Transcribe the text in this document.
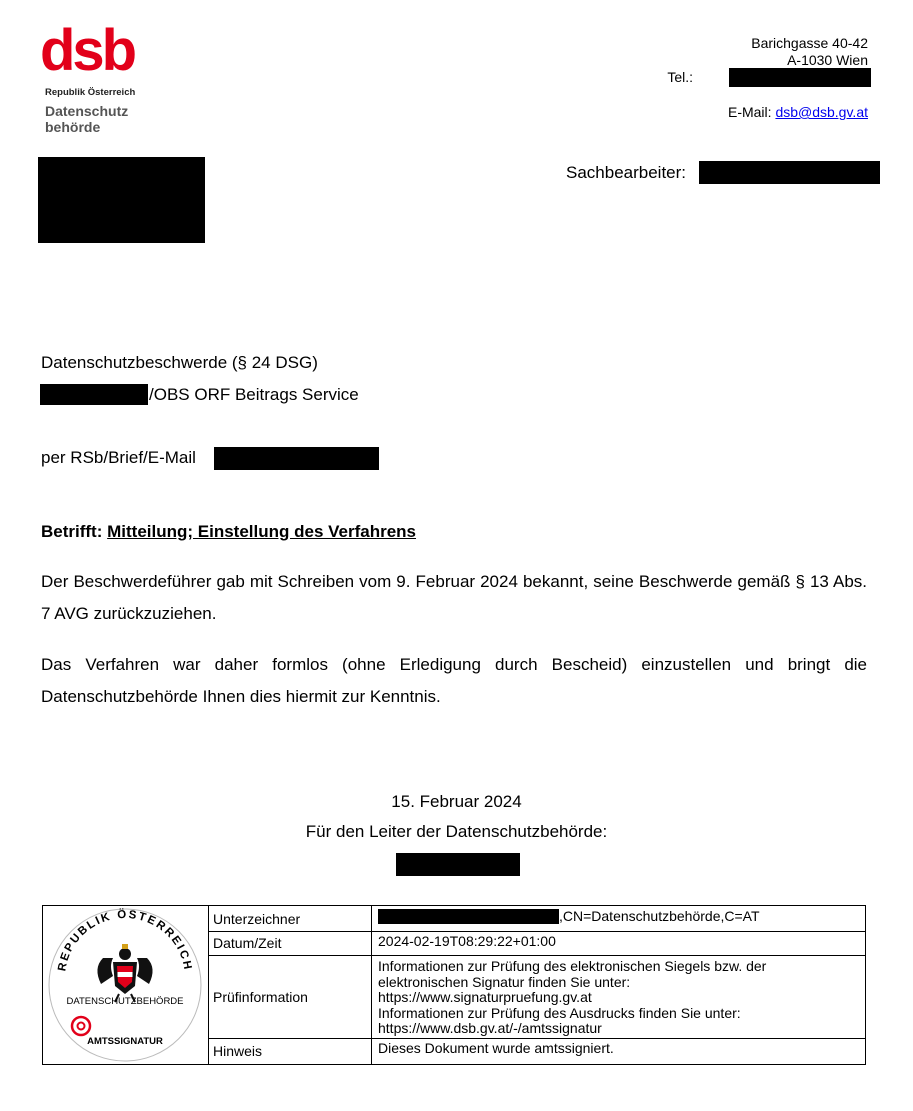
dsb
Republik Österreich
Datenschutz
behörde
Barichgasse 40-42
A-1030 Wien
Tel.:
E-Mail: dsb@dsb.gv.at
Sachbearbeiter:
Datenschutzbeschwerde (§ 24 DSG)
/OBS ORF Beitrags Service
per RSb/Brief/E-Mail
Betrifft: Mitteilung; Einstellung des Verfahrens
Der Beschwerdeführer gab mit Schreiben vom 9. Februar 2024 bekannt, seine Beschwerde gemäß § 13 Abs. 7 AVG zurückzuziehen.
Das Verfahren war daher formlos (ohne Erledigung durch Bescheid) einzustellen und bringt die Datenschutzbehörde Ihnen dies hiermit zur Kenntnis.
15. Februar 2024
Für den Leiter der Datenschutzbehörde:
REPUBLIK ÖSTERREICH
DATENSCHUTZBEHÖRDE
AMTSSIGNATUR
Unterzeichner	,CN=Datenschutzbehörde,C=AT
Datum/Zeit	2024-02-19T08:29:22+01:00
Prüfinformation
Informationen zur Prüfung des elektronischen Siegels bzw. der
elektronischen Signatur finden Sie unter:
https://www.signaturpruefung.gv.at
Informationen zur Prüfung des Ausdrucks finden Sie unter:
https://www.dsb.gv.at/-/amtssignatur
Hinweis	Dieses Dokument wurde amtssigniert.
